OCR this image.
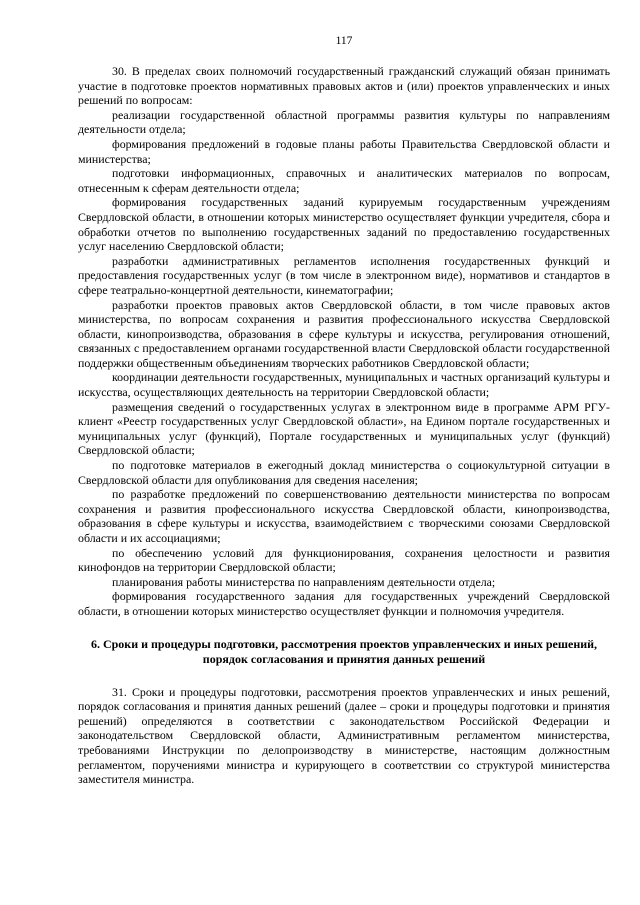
117

30. В пределах своих полномочий государственный гражданский служащий обязан принимать участие в подготовке проектов нормативных правовых актов и (или) проектов управленческих и иных решений по вопросам:

реализации государственной областной программы развития культуры по направлениям деятельности отдела;

формирования предложений в годовые планы работы Правительства Свердловской области и министерства;

подготовки информационных, справочных и аналитических материалов по вопросам, отнесенным к сферам деятельности отдела;

формирования государственных заданий курируемым государственным учреждениям Свердловской области, в отношении которых министерство осуществляет функции учредителя, сбора и обработки отчетов по выполнению государственных заданий по предоставлению государственных услуг населению Свердловской области;

разработки административных регламентов исполнения государственных функций и предоставления государственных услуг (в том числе в электронном виде), нормативов и стандартов в сфере театрально-концертной деятельности, кинематографии;

разработки проектов правовых актов Свердловской области, в том числе правовых актов министерства, по вопросам сохранения и развития профессионального искусства Свердловской области, кинопроизводства, образования в сфере культуры и искусства, регулирования отношений, связанных с предоставлением органами государственной власти Свердловской области государственной поддержки общественным объединениям творческих работников Свердловской области;

координации деятельности государственных, муниципальных и частных организаций культуры и искусства, осуществляющих деятельность на территории Свердловской области;

размещения сведений о государственных услугах в электронном виде в программе АРМ РГУ-клиент «Реестр государственных услуг Свердловской области», на Едином портале государственных и муниципальных услуг (функций), Портале государственных и муниципальных услуг (функций) Свердловской области;

по подготовке материалов в ежегодный доклад министерства о социокультурной ситуации в Свердловской области для опубликования для сведения населения;

по разработке предложений по совершенствованию деятельности министерства по вопросам сохранения и развития профессионального искусства Свердловской области, кинопроизводства, образования в сфере культуры и искусства, взаимодействием с творческими союзами Свердловской области и их ассоциациями;

по обеспечению условий для функционирования, сохранения целостности и развития кинофондов на территории Свердловской области;

планирования работы министерства по направлениям деятельности отдела;

формирования государственного задания для государственных учреждений Свердловской области, в отношении которых министерство осуществляет функции и полномочия учредителя.

6. Сроки и процедуры подготовки, рассмотрения проектов управленческих и иных решений, порядок согласования и принятия данных решений

31. Сроки и процедуры подготовки, рассмотрения проектов управленческих и иных решений, порядок согласования и принятия данных решений (далее – сроки и процедуры подготовки и принятия решений) определяются в соответствии с законодательством Российской Федерации и законодательством Свердловской области, Административным регламентом министерства, требованиями Инструкции по делопроизводству в министерстве, настоящим должностным регламентом, поручениями министра и курирующего в соответствии со структурой министерства заместителя министра.
